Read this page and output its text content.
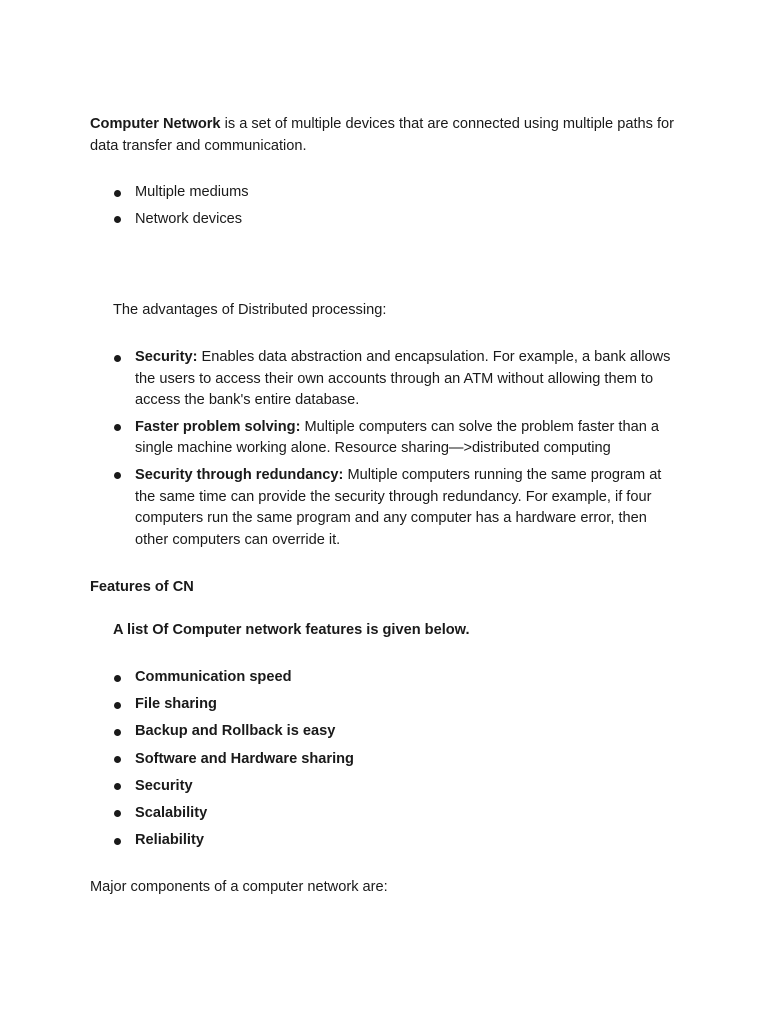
Computer Network is a set of multiple devices that are connected using multiple paths for data transfer and communication.

Multiple mediums
Network devices

The advantages of Distributed processing:

Security: Enables data abstraction and encapsulation. For example, a bank allows the users to access their own accounts through an ATM without allowing them to access the bank's entire database.
Faster problem solving: Multiple computers can solve the problem faster than a single machine working alone. Resource sharing—>distributed computing
Security through redundancy: Multiple computers running the same program at the same time can provide the security through redundancy. For example, if four computers run the same program and any computer has a hardware error, then other computers can override it.

Features of CN

A list Of Computer network features is given below.

Communication speed
File sharing
Backup and Rollback is easy
Software and Hardware sharing
Security
Scalability
Reliability

Major components of a computer network are:
